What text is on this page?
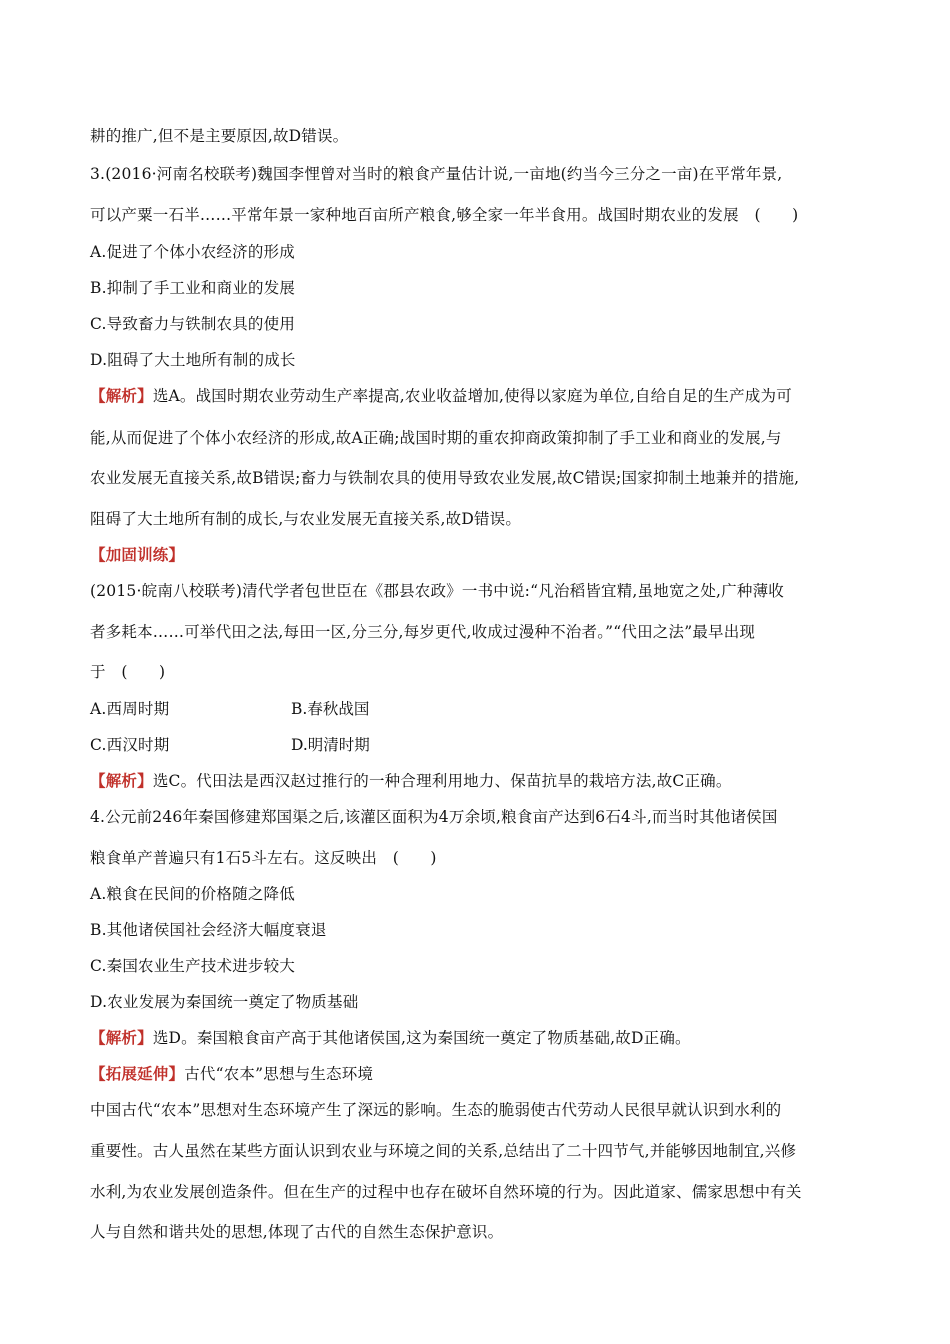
耕的推广,但不是主要原因,故D错误。
3.(2016·河南名校联考)魏国李悝曾对当时的粮食产量估计说,一亩地(约当今三分之一亩)在平常年景,
可以产粟一石半……平常年景一家种地百亩所产粮食,够全家一年半食用。战国时期农业的发展　(　　)
A.促进了个体小农经济的形成
B.抑制了手工业和商业的发展
C.导致畜力与铁制农具的使用
D.阻碍了大土地所有制的成长
【解析】选A。战国时期农业劳动生产率提高,农业收益增加,使得以家庭为单位,自给自足的生产成为可
能,从而促进了个体小农经济的形成,故A正确;战国时期的重农抑商政策抑制了手工业和商业的发展,与
农业发展无直接关系,故B错误;畜力与铁制农具的使用导致农业发展,故C错误;国家抑制土地兼并的措施,
阻碍了大土地所有制的成长,与农业发展无直接关系,故D错误。
【加固训练】
(2015·皖南八校联考)清代学者包世臣在《郡县农政》一书中说:“凡治稻皆宜精,虽地宽之处,广种薄收
者多耗本……可举代田之法,每田一区,分三分,每岁更代,收成过漫种不治者。”“代田之法”最早出现
于　(　　)
A.西周时期	B.春秋战国
C.西汉时期	D.明清时期
【解析】选C。代田法是西汉赵过推行的一种合理利用地力、保苗抗旱的栽培方法,故C正确。
4.公元前246年秦国修建郑国渠之后,该灌区面积为4万余顷,粮食亩产达到6石4斗,而当时其他诸侯国
粮食单产普遍只有1石5斗左右。这反映出　(　　)
A.粮食在民间的价格随之降低
B.其他诸侯国社会经济大幅度衰退
C.秦国农业生产技术进步较大
D.农业发展为秦国统一奠定了物质基础
【解析】选D。秦国粮食亩产高于其他诸侯国,这为秦国统一奠定了物质基础,故D正确。
【拓展延伸】古代“农本”思想与生态环境
中国古代“农本”思想对生态环境产生了深远的影响。生态的脆弱使古代劳动人民很早就认识到水利的
重要性。古人虽然在某些方面认识到农业与环境之间的关系,总结出了二十四节气,并能够因地制宜,兴修
水利,为农业发展创造条件。但在生产的过程中也存在破坏自然环境的行为。因此道家、儒家思想中有关
人与自然和谐共处的思想,体现了古代的自然生态保护意识。
